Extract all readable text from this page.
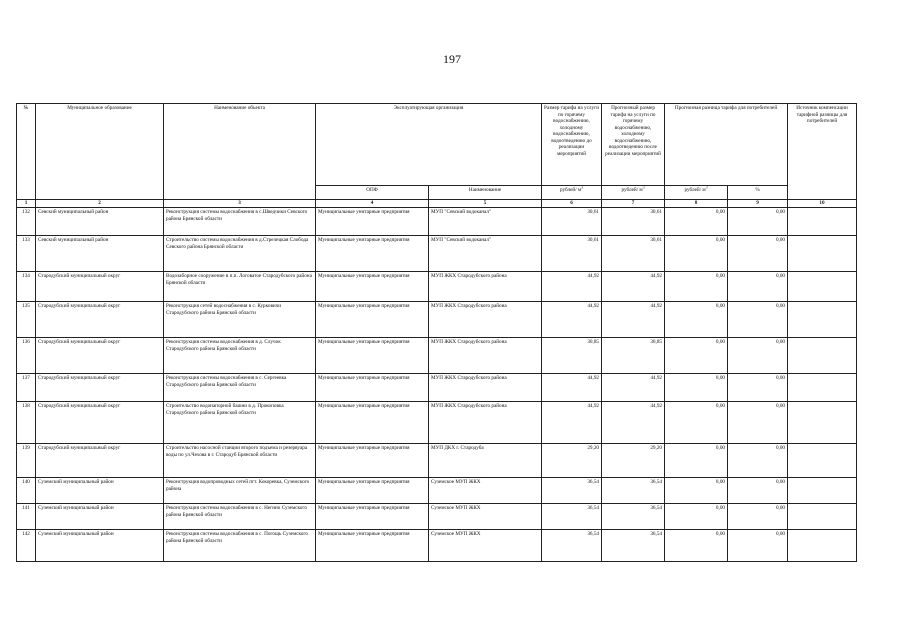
197
№	Муниципальное образование	Наименование объекта	Эксплуатирующая организация		Размер тарифа на услуги по горячему водоснабжению, холодному водоснабжению, водоотведению до реализации мероприятий	Прогнозный размер тарифа на услуги по горячему водоснабжению, холодному водоснабжению, водоотведению после реализации мероприятий	Прогнозная разница тарифа для потребителей		Источник компенсации тарифной разницы для потребителей
			ОПФ	Наименование	рублей/ $м^3$	рублей/ $м^3$	рублей/ $м^3$	%	
1	2	3	4	5	6	7	8	9	10
132	Севский муниципальный район	Реконструкция системы водоснабжения в с.Шведчики Севского района Брянской области	Муниципальные унитарные предприятия	МУП "Севский водоканал"	30,61	30,61	0,00	0,00	
133	Севский муниципальный район	Строительство системы водоснабжения в д.Стрелецкая Слобода Севского района Брянской области	Муниципальные унитарные предприятия	МУП "Севский водоканал"	30,61	30,61	0,00	0,00	
134	Стародубский муниципальный округ	Водозаборное сооружение в п.п. Логоватое Стародубского района Брянской области	Муниципальные унитарные предприятия	МУП ЖКХ Стародубского района	44,92	44,92	0,00	0,00	
135	Стародубский муниципальный округ	Реконструкция сетей водоснабжения в с. Курковичи Стародубского района Брянской области	Муниципальные унитарные предприятия	МУП ЖКХ Стародубского района	44,92	44,92	0,00	0,00	
136	Стародубский муниципальный округ	Реконструкция системы водоснабжения в д. Случок Стародубского района Брянской области	Муниципальные унитарные предприятия	МУП ЖКХ Стародубского района	30,85	30,85	0,00	0,00	
137	Стародубский муниципальный округ	Реконструкция системы водоснабжения в с. Сергеевка Стародубского района Брянской области	Муниципальные унитарные предприятия	МУП ЖКХ Стародубского района	44,92	44,92	0,00	0,00	
138	Стародубский муниципальный округ	Строительство водонапорной башни в д. Прокоповка Стародубского района Брянской области	Муниципальные унитарные предприятия	МУП ЖКХ Стародубского района	44,92	44,92	0,00	0,00	
139	Стародубский муниципальный округ	Строительство насосной станции второго подъема и резервуара воды по ул.Чехова в г. Стародуб Брянской области	Муниципальные унитарные предприятия	МУП ДКХ г. Стародуба	29,20	29,20	0,00	0,00	
140	Суземский муниципальный район	Реконструкция водопроводных сетей пгт. Кокоревка, Суземского района	Муниципальные унитарные предприятия	Суземское МУП ЖКХ	36,54	36,54	0,00	0,00	
141	Суземский муниципальный район	Реконструкция системы водоснабжения в с. Негино Суземского района Брянской области	Муниципальные унитарные предприятия	Суземское МУП ЖКХ	36,54	36,54	0,00	0,00	
142	Суземский муниципальный район	Реконструкция системы водоснабжения в с. Погощь Суземского района Брянской области	Муниципальные унитарные предприятия	Суземское МУП ЖКХ	36,54	36,54	0,00	0,00	
